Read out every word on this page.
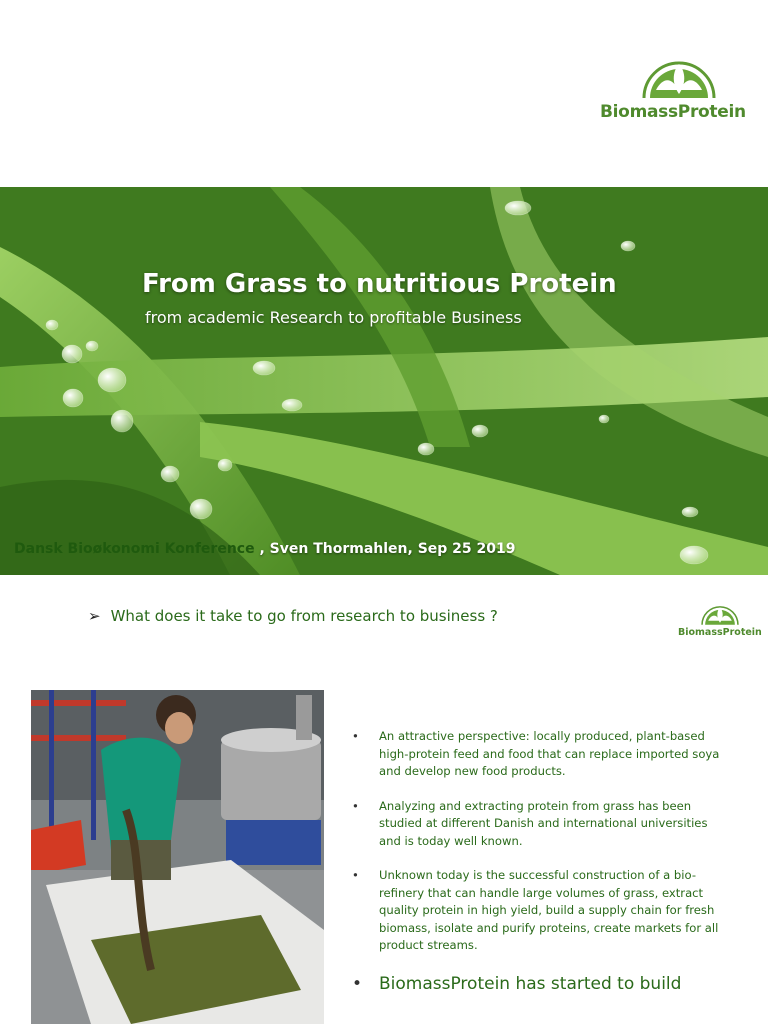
BiomassProtein
From Grass to nutritious Protein
from academic Research to profitable Business
Dansk Bioøkonomi Konference , Sven Thormahlen, Sep 25 2019
➢ What does it take to go from research to business ?
BiomassProtein
• An attractive perspective: locally produced, plant-based high-protein feed and food that can replace imported soya and develop new food products.
• Analyzing and extracting protein from grass has been studied at different Danish and international universities and is today well known.
• Unknown today is the successful construction of a bio-refinery that can handle large volumes of grass, extract quality protein in high yield, build a supply chain for fresh biomass, isolate and purify proteins, create markets for all product streams.
• BiomassProtein has started to build
